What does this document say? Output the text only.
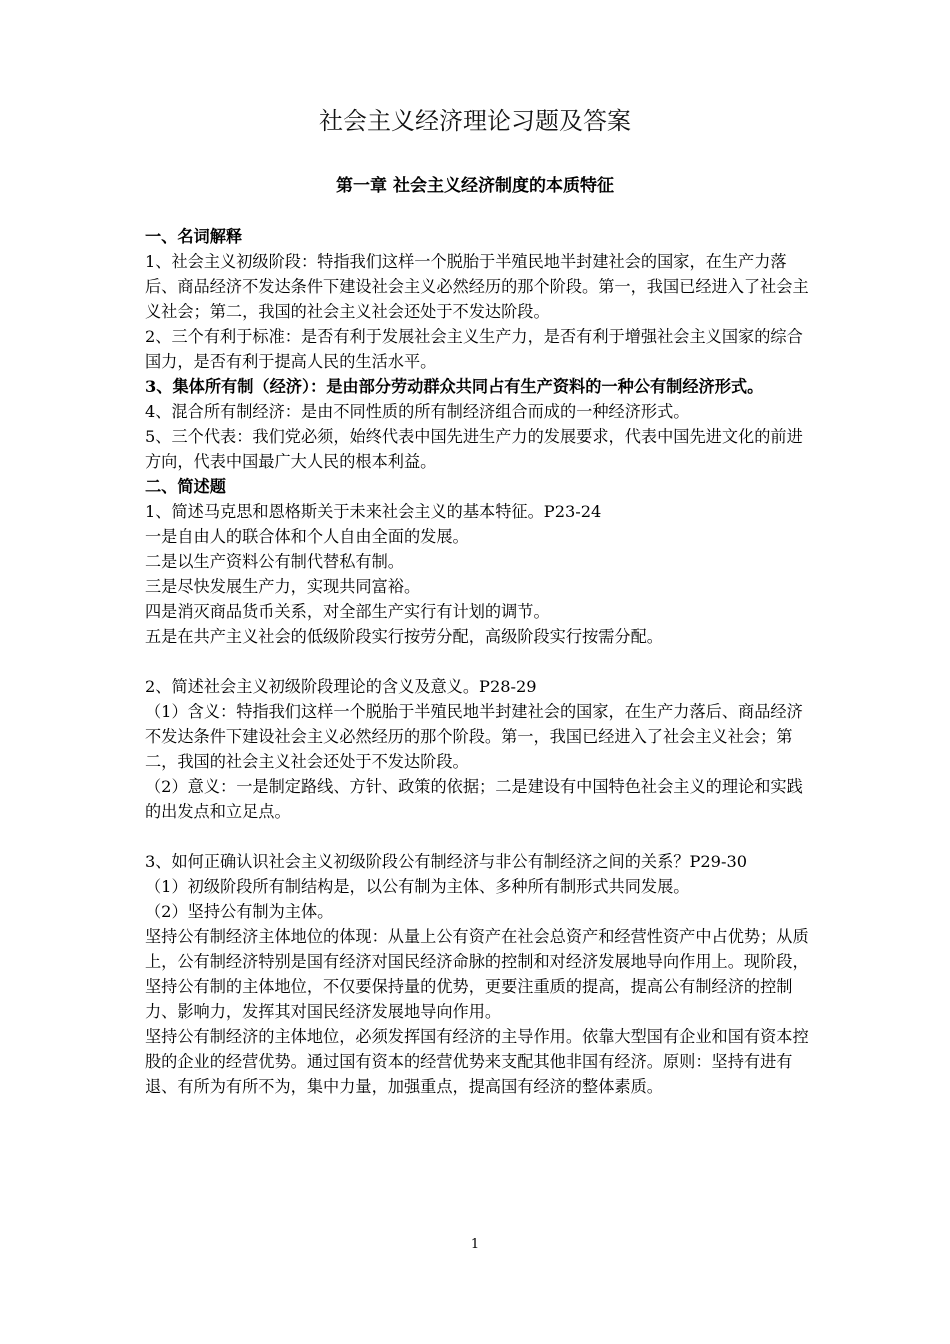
社会主义经济理论习题及答案
第一章 社会主义经济制度的本质特征

一、名词解释

1、社会主义初级阶段：特指我们这样一个脱胎于半殖民地半封建社会的国家，在生产力落后、商品经济不发达条件下建设社会主义必然经历的那个阶段。第一，我国已经进入了社会主义社会；第二，我国的社会主义社会还处于不发达阶段。

2、三个有利于标准：是否有利于发展社会主义生产力，是否有利于增强社会主义国家的综合国力，是否有利于提高人民的生活水平。

3、集体所有制（经济）：是由部分劳动群众共同占有生产资料的一种公有制经济形式。

4、混合所有制经济：是由不同性质的所有制经济组合而成的一种经济形式。

5、三个代表：我们党必须，始终代表中国先进生产力的发展要求，代表中国先进文化的前进方向，代表中国最广大人民的根本利益。

二、简述题

1、简述马克思和恩格斯关于未来社会主义的基本特征。P23-24

一是自由人的联合体和个人自由全面的发展。

二是以生产资料公有制代替私有制。

三是尽快发展生产力，实现共同富裕。

四是消灭商品货币关系，对全部生产实行有计划的调节。

五是在共产主义社会的低级阶段实行按劳分配，高级阶段实行按需分配。

2、简述社会主义初级阶段理论的含义及意义。P28-29

（1）含义：特指我们这样一个脱胎于半殖民地半封建社会的国家，在生产力落后、商品经济不发达条件下建设社会主义必然经历的那个阶段。第一，我国已经进入了社会主义社会；第二，我国的社会主义社会还处于不发达阶段。

（2）意义：一是制定路线、方针、政策的依据；二是建设有中国特色社会主义的理论和实践的出发点和立足点。

3、如何正确认识社会主义初级阶段公有制经济与非公有制经济之间的关系？P29-30

（1）初级阶段所有制结构是，以公有制为主体、多种所有制形式共同发展。

（2）坚持公有制为主体。

坚持公有制经济主体地位的体现：从量上公有资产在社会总资产和经营性资产中占优势；从质上，公有制经济特别是国有经济对国民经济命脉的控制和对经济发展地导向作用上。现阶段，坚持公有制的主体地位，不仅要保持量的优势，更要注重质的提高，提高公有制经济的控制力、影响力，发挥其对国民经济发展地导向作用。

坚持公有制经济的主体地位，必须发挥国有经济的主导作用。依靠大型国有企业和国有资本控股的企业的经营优势。通过国有资本的经营优势来支配其他非国有经济。原则：坚持有进有退、有所为有所不为，集中力量，加强重点，提高国有经济的整体素质。

1
